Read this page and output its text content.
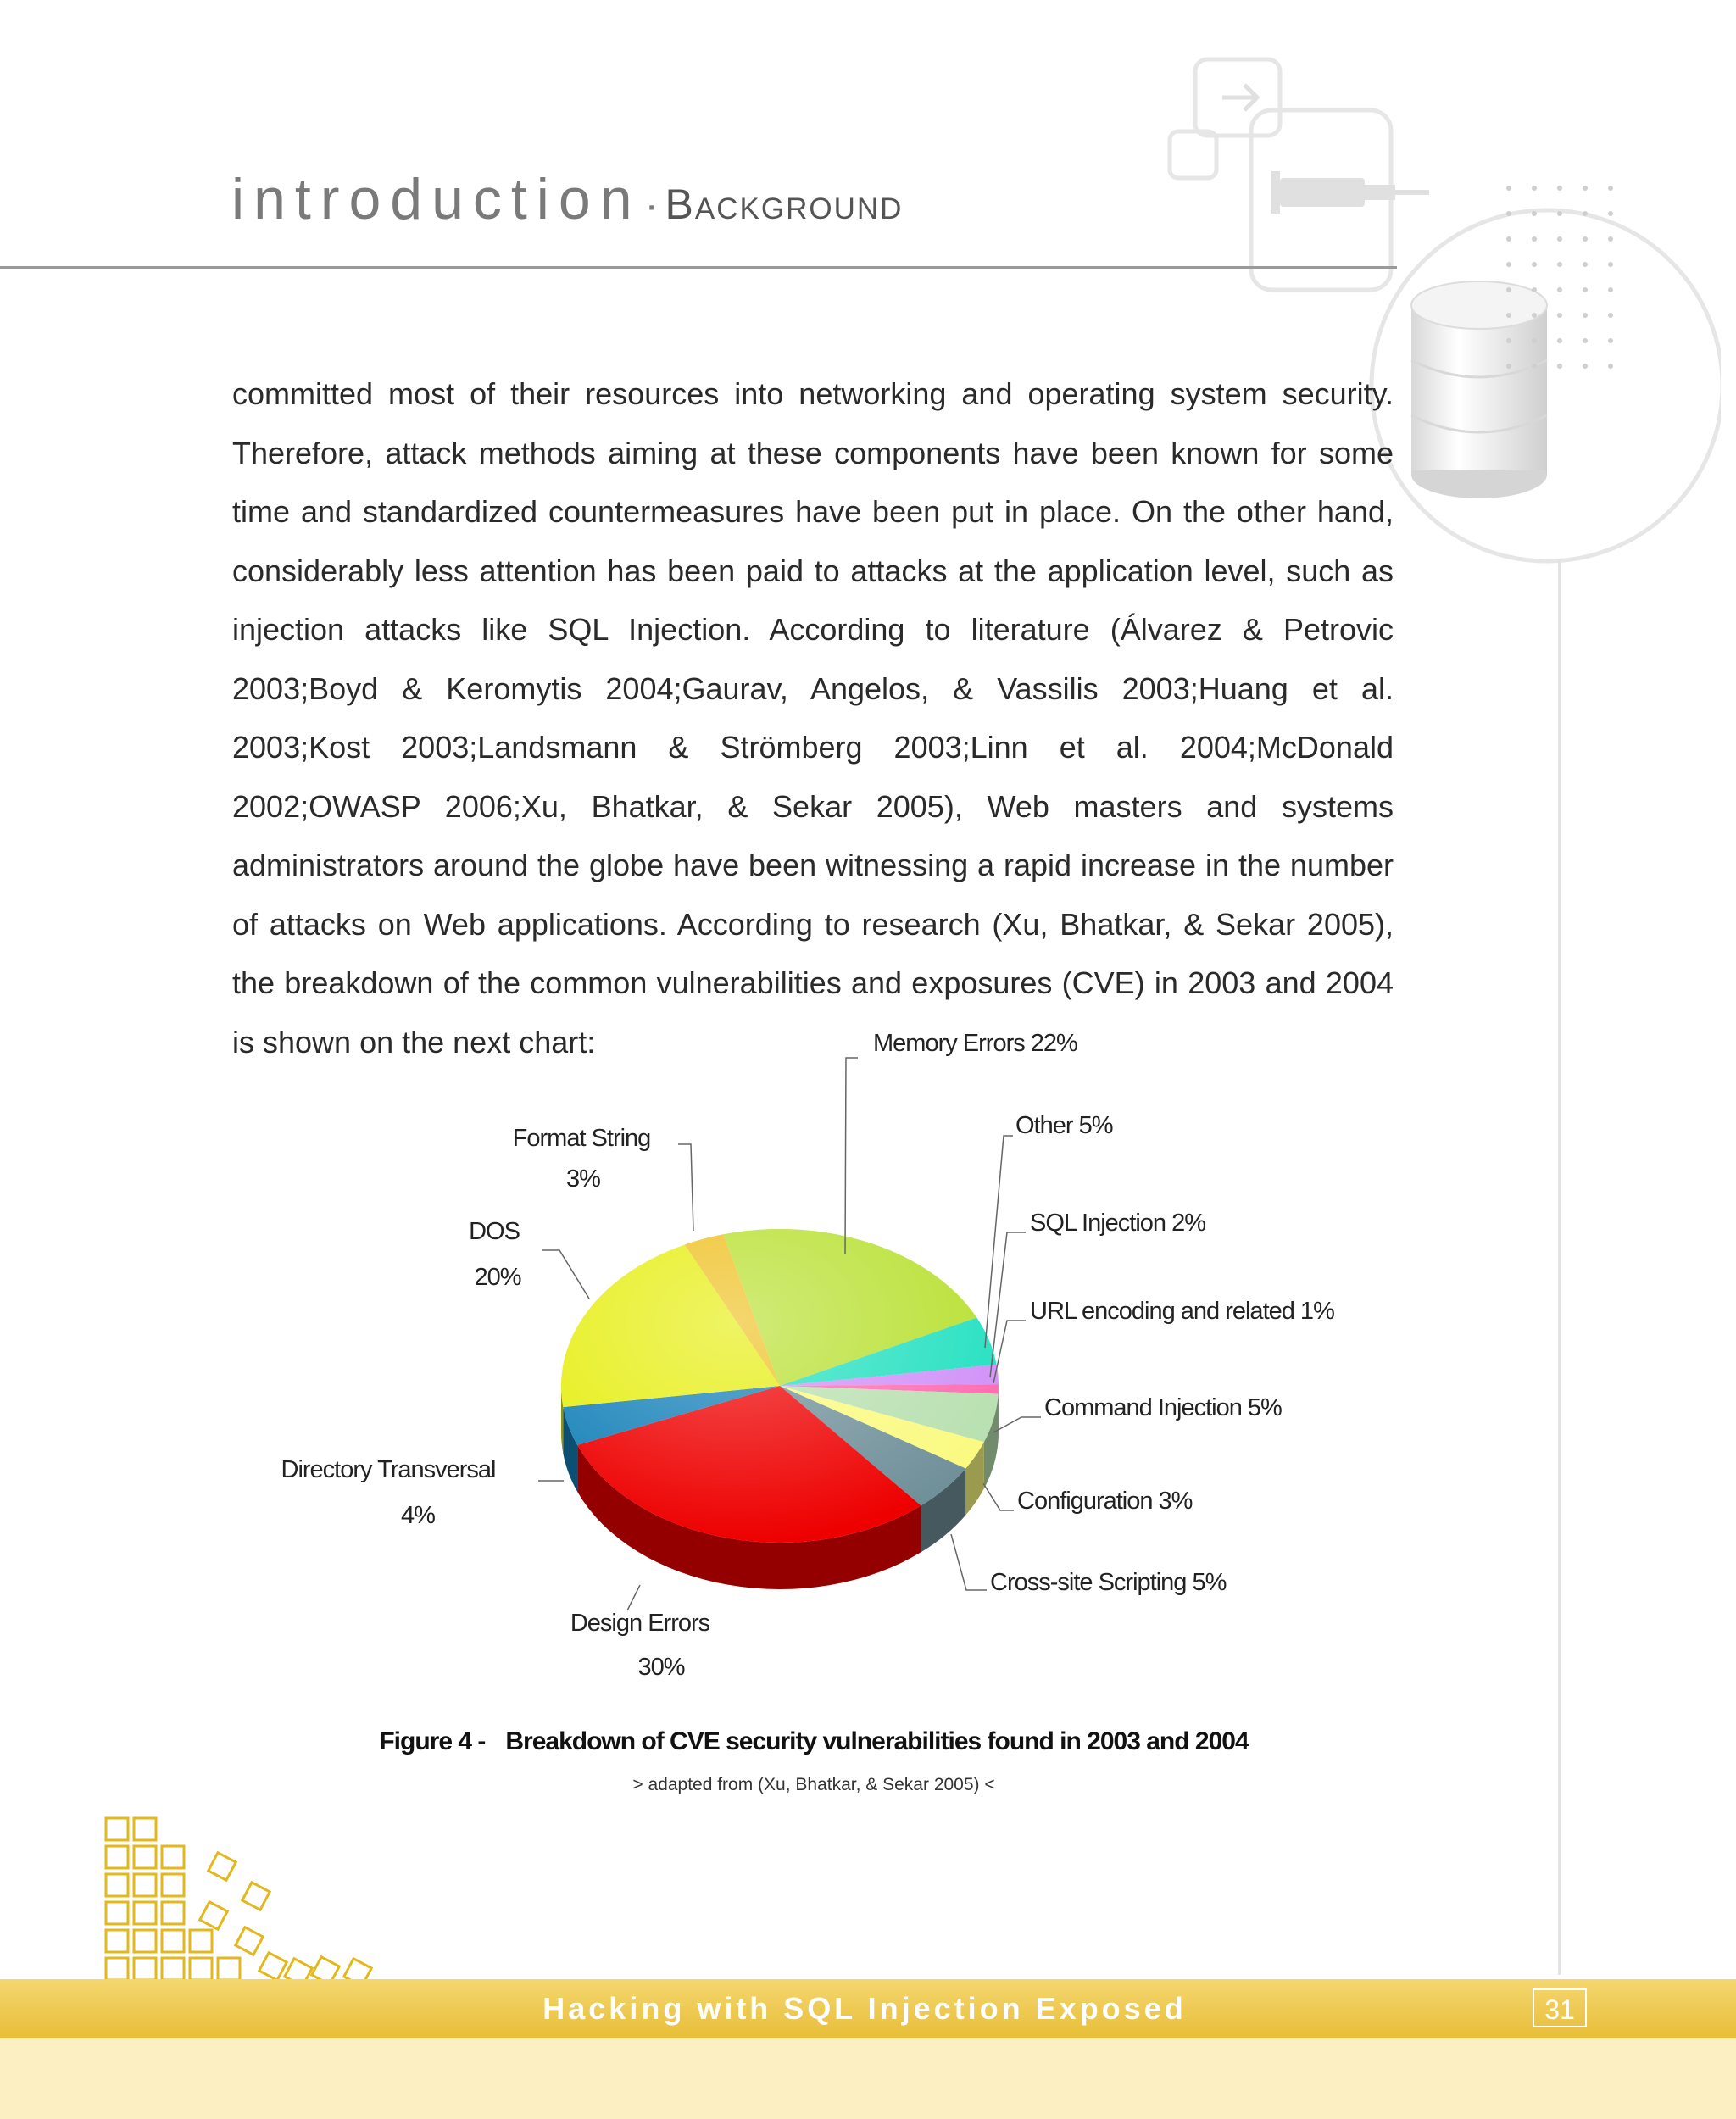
introduction· Background
committed most of their resources into networking and operating system security. Therefore, attack methods aiming at these components have been known for some time and standardized countermeasures have been put in place. On the other hand, considerably less attention has been paid to attacks at the application level, such as injection attacks like SQL Injection. According to literature (Álvarez & Petrovic 2003;Boyd & Keromytis 2004;Gaurav, Angelos, & Vassilis 2003;Huang et al. 2003;Kost 2003;Landsmann & Strömberg 2003;Linn et al. 2004;McDonald 2002;OWASP 2006;Xu, Bhatkar, & Sekar 2005), Web masters and systems administrators around the globe have been witnessing a rapid increase in the number of attacks on Web applications. According to research (Xu, Bhatkar, & Sekar 2005), the breakdown of the common vulnerabilities and exposures (CVE) in 2003 and 2004 is shown on the next chart:	Memory Errors 22%
Other 5%
SQL Injection 2%
URL encoding and related 1%
Command Injection 5%
Configuration 3%
Cross-site Scripting 5%
Design Errors
30%
Directory Transversal
4%
DOS
20%
Format String
3%
Figure 4 - Breakdown of CVE security vulnerabilities found in 2003 and 2004
> adapted from (Xu, Bhatkar, & Sekar 2005) <
Hacking with SQL Injection Exposed	31
